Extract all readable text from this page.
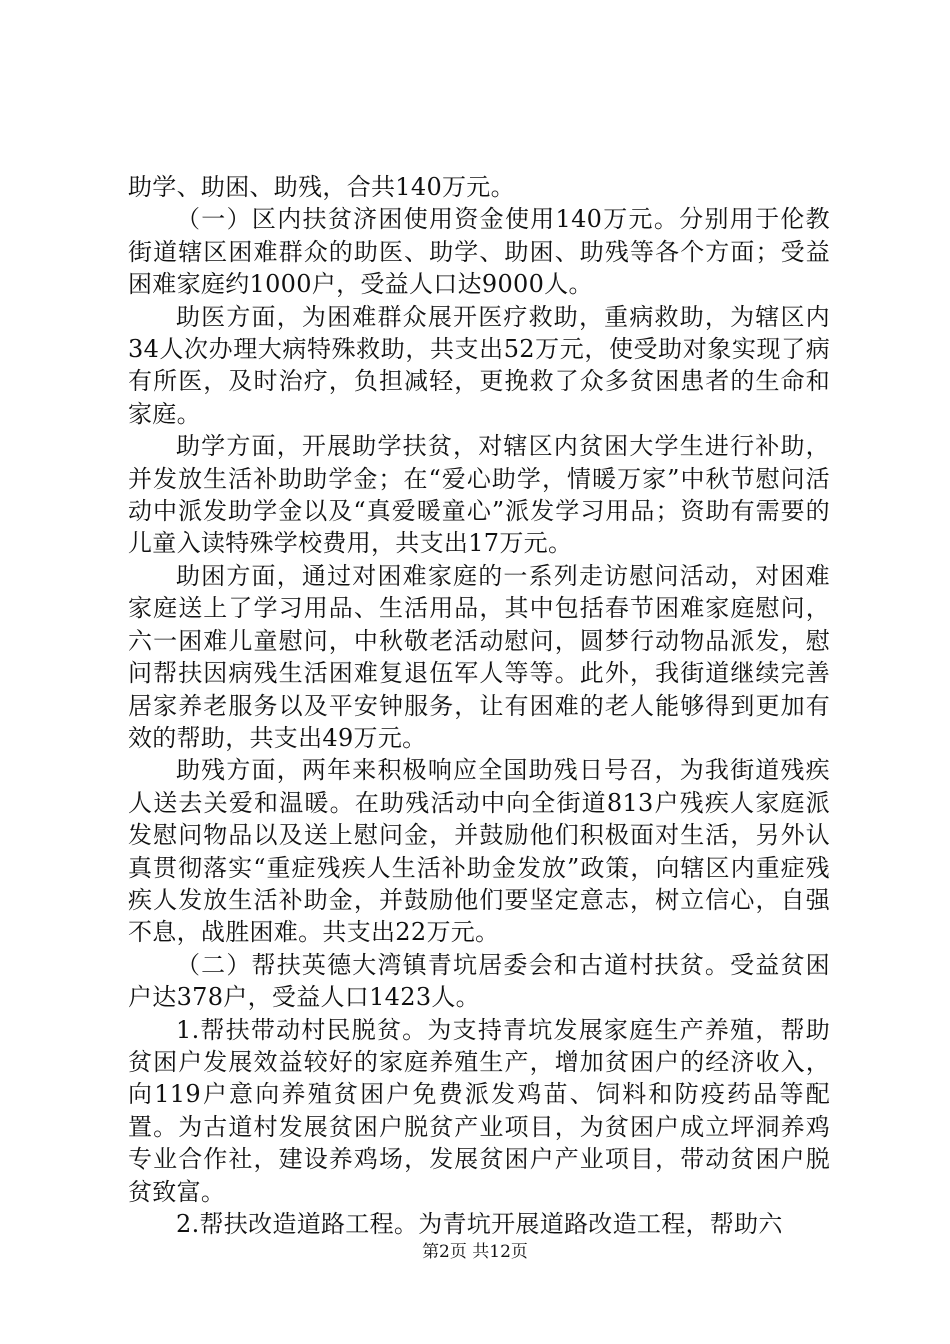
助学、助困、助残，合共140万元。

（一）区内扶贫济困使用资金使用140万元。分别用于伦教街道辖区困难群众的助医、助学、助困、助残等各个方面；受益困难家庭约1000户，受益人口达9000人。

助医方面，为困难群众展开医疗救助，重病救助，为辖区内34人次办理大病特殊救助，共支出52万元，使受助对象实现了病有所医，及时治疗，负担减轻，更挽救了众多贫困患者的生命和家庭。

助学方面，开展助学扶贫，对辖区内贫困大学生进行补助，并发放生活补助助学金；在“爱心助学，情暖万家”中秋节慰问活动中派发助学金以及“真爱暖童心”派发学习用品；资助有需要的儿童入读特殊学校费用，共支出17万元。

助困方面，通过对困难家庭的一系列走访慰问活动，对困难家庭送上了学习用品、生活用品，其中包括春节困难家庭慰问，六一困难儿童慰问，中秋敬老活动慰问，圆梦行动物品派发，慰问帮扶因病残生活困难复退伍军人等等。此外，我街道继续完善居家养老服务以及平安钟服务，让有困难的老人能够得到更加有效的帮助，共支出49万元。

助残方面，两年来积极响应全国助残日号召，为我街道残疾人送去关爱和温暖。在助残活动中向全街道813户残疾人家庭派发慰问物品以及送上慰问金，并鼓励他们积极面对生活，另外认真贯彻落实“重症残疾人生活补助金发放”政策，向辖区内重症残疾人发放生活补助金，并鼓励他们要坚定意志，树立信心，自强不息，战胜困难。共支出22万元。

（二）帮扶英德大湾镇青坑居委会和古道村扶贫。受益贫困户达378户，受益人口1423人。

1.帮扶带动村民脱贫。为支持青坑发展家庭生产养殖，帮助贫困户发展效益较好的家庭养殖生产，增加贫困户的经济收入，向119户意向养殖贫困户免费派发鸡苗、饲料和防疫药品等配置。为古道村发展贫困户脱贫产业项目，为贫困户成立坪洞养鸡专业合作社，建设养鸡场，发展贫困户产业项目，带动贫困户脱贫致富。

2.帮扶改造道路工程。为青坑开展道路改造工程，帮助六

第2页 共12页
